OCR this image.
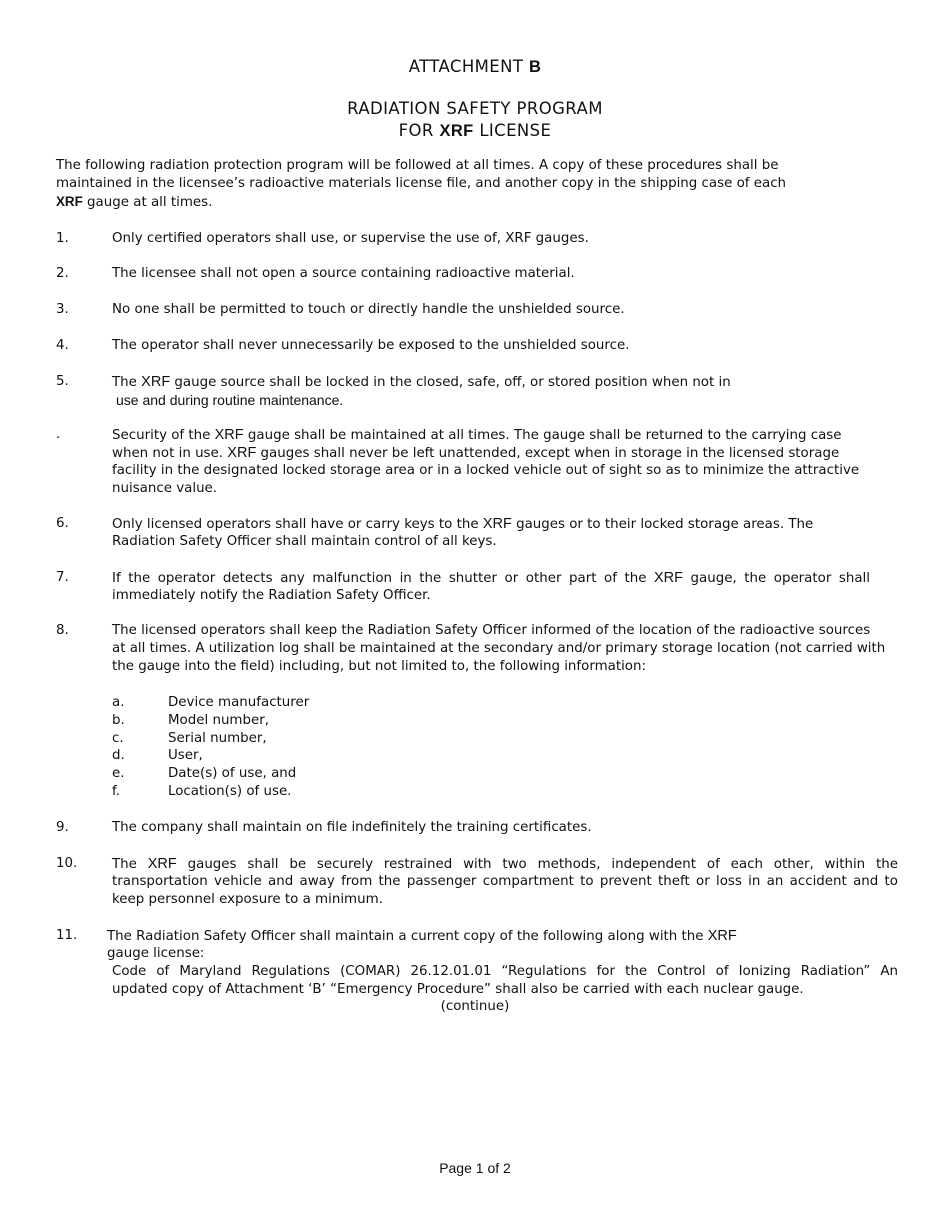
ATTACHMENT B
RADIATION SAFETY PROGRAM
FOR XRF LICENSE
The following radiation protection program will be followed at all times. A copy of these procedures shall be
maintained in the licensee’s radioactive materials license file, and another copy in the shipping case of each
XRF gauge at all times.
1.	Only certified operators shall use, or supervise the use of, XRF gauges.
2.	The licensee shall not open a source containing radioactive material.
3.	No one shall be permitted to touch or directly handle the unshielded source.
4.	The operator shall never unnecessarily be exposed to the unshielded source.
5.	The XRF gauge source shall be locked in the closed, safe, off, or stored position when not in
use and during routine maintenance.
.	Security of the XRF gauge shall be maintained at all times. The gauge shall be returned to the carrying case
when not in use. XRF gauges shall never be left unattended, except when in storage in the licensed storage
facility in the designated locked storage area or in a locked vehicle out of sight so as to minimize the attractive
nuisance value.
6.	Only licensed operators shall have or carry keys to the XRF gauges or to their locked storage areas. The
Radiation Safety Officer shall maintain control of all keys.
7.	If the operator detects any malfunction in the shutter or other part of the XRF gauge, the operator shall
immediately notify the Radiation Safety Officer.
8.	The licensed operators shall keep the Radiation Safety Officer informed of the location of the radioactive sources
at all times. A utilization log shall be maintained at the secondary and/or primary storage location (not carried with
the gauge into the field) including, but not limited to, the following information:
a.	Device manufacturer
b.	Model number,
c.	Serial number,
d.	User,
e.	Date(s) of use, and
f.	Location(s) of use.
9.	The company shall maintain on file indefinitely the training certificates.
10.	The XRF gauges shall be securely restrained with two methods, independent of each other, within the
transportation vehicle and away from the passenger compartment to prevent theft or loss in an accident and to
keep personnel exposure to a minimum.
11. The Radiation Safety Officer shall maintain a current copy of the following along with the XRF
gauge license:
Code of Maryland Regulations (COMAR) 26.12.01.01 “Regulations for the Control of Ionizing Radiation” An
updated copy of Attachment ‘B’ “Emergency Procedure” shall also be carried with each nuclear gauge.
(continue)
Page 1 of 2
